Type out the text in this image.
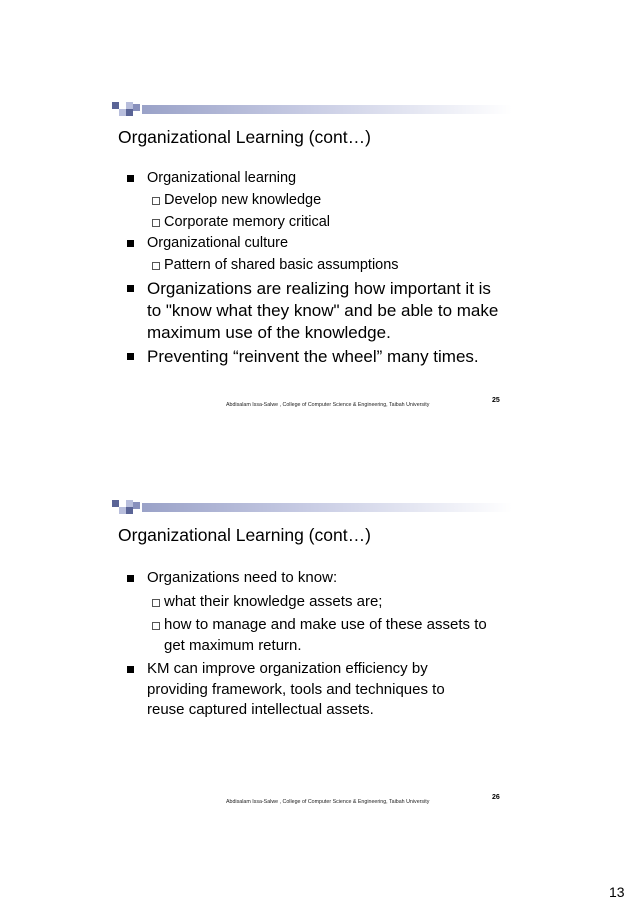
Organizational Learning (cont…)
Organizational learning
Develop new knowledge
Corporate memory critical
Organizational culture
Pattern of shared basic assumptions
Organizations are realizing how important it is to "know what they know" and be able to make maximum use of the knowledge.
Preventing “reinvent the wheel” many times.
Abdisalam Issa-Salwe , College of Computer Science & Engineering, Taibah University
25
Organizational Learning (cont…)
Organizations need to know:
what their knowledge assets are;
how to manage and make use of these assets to get maximum return.
KM can improve organization efficiency by providing framework, tools and techniques to reuse captured intellectual assets.
Abdisalam Issa-Salwe , College of Computer Science & Engineering, Taibah University
26
13
